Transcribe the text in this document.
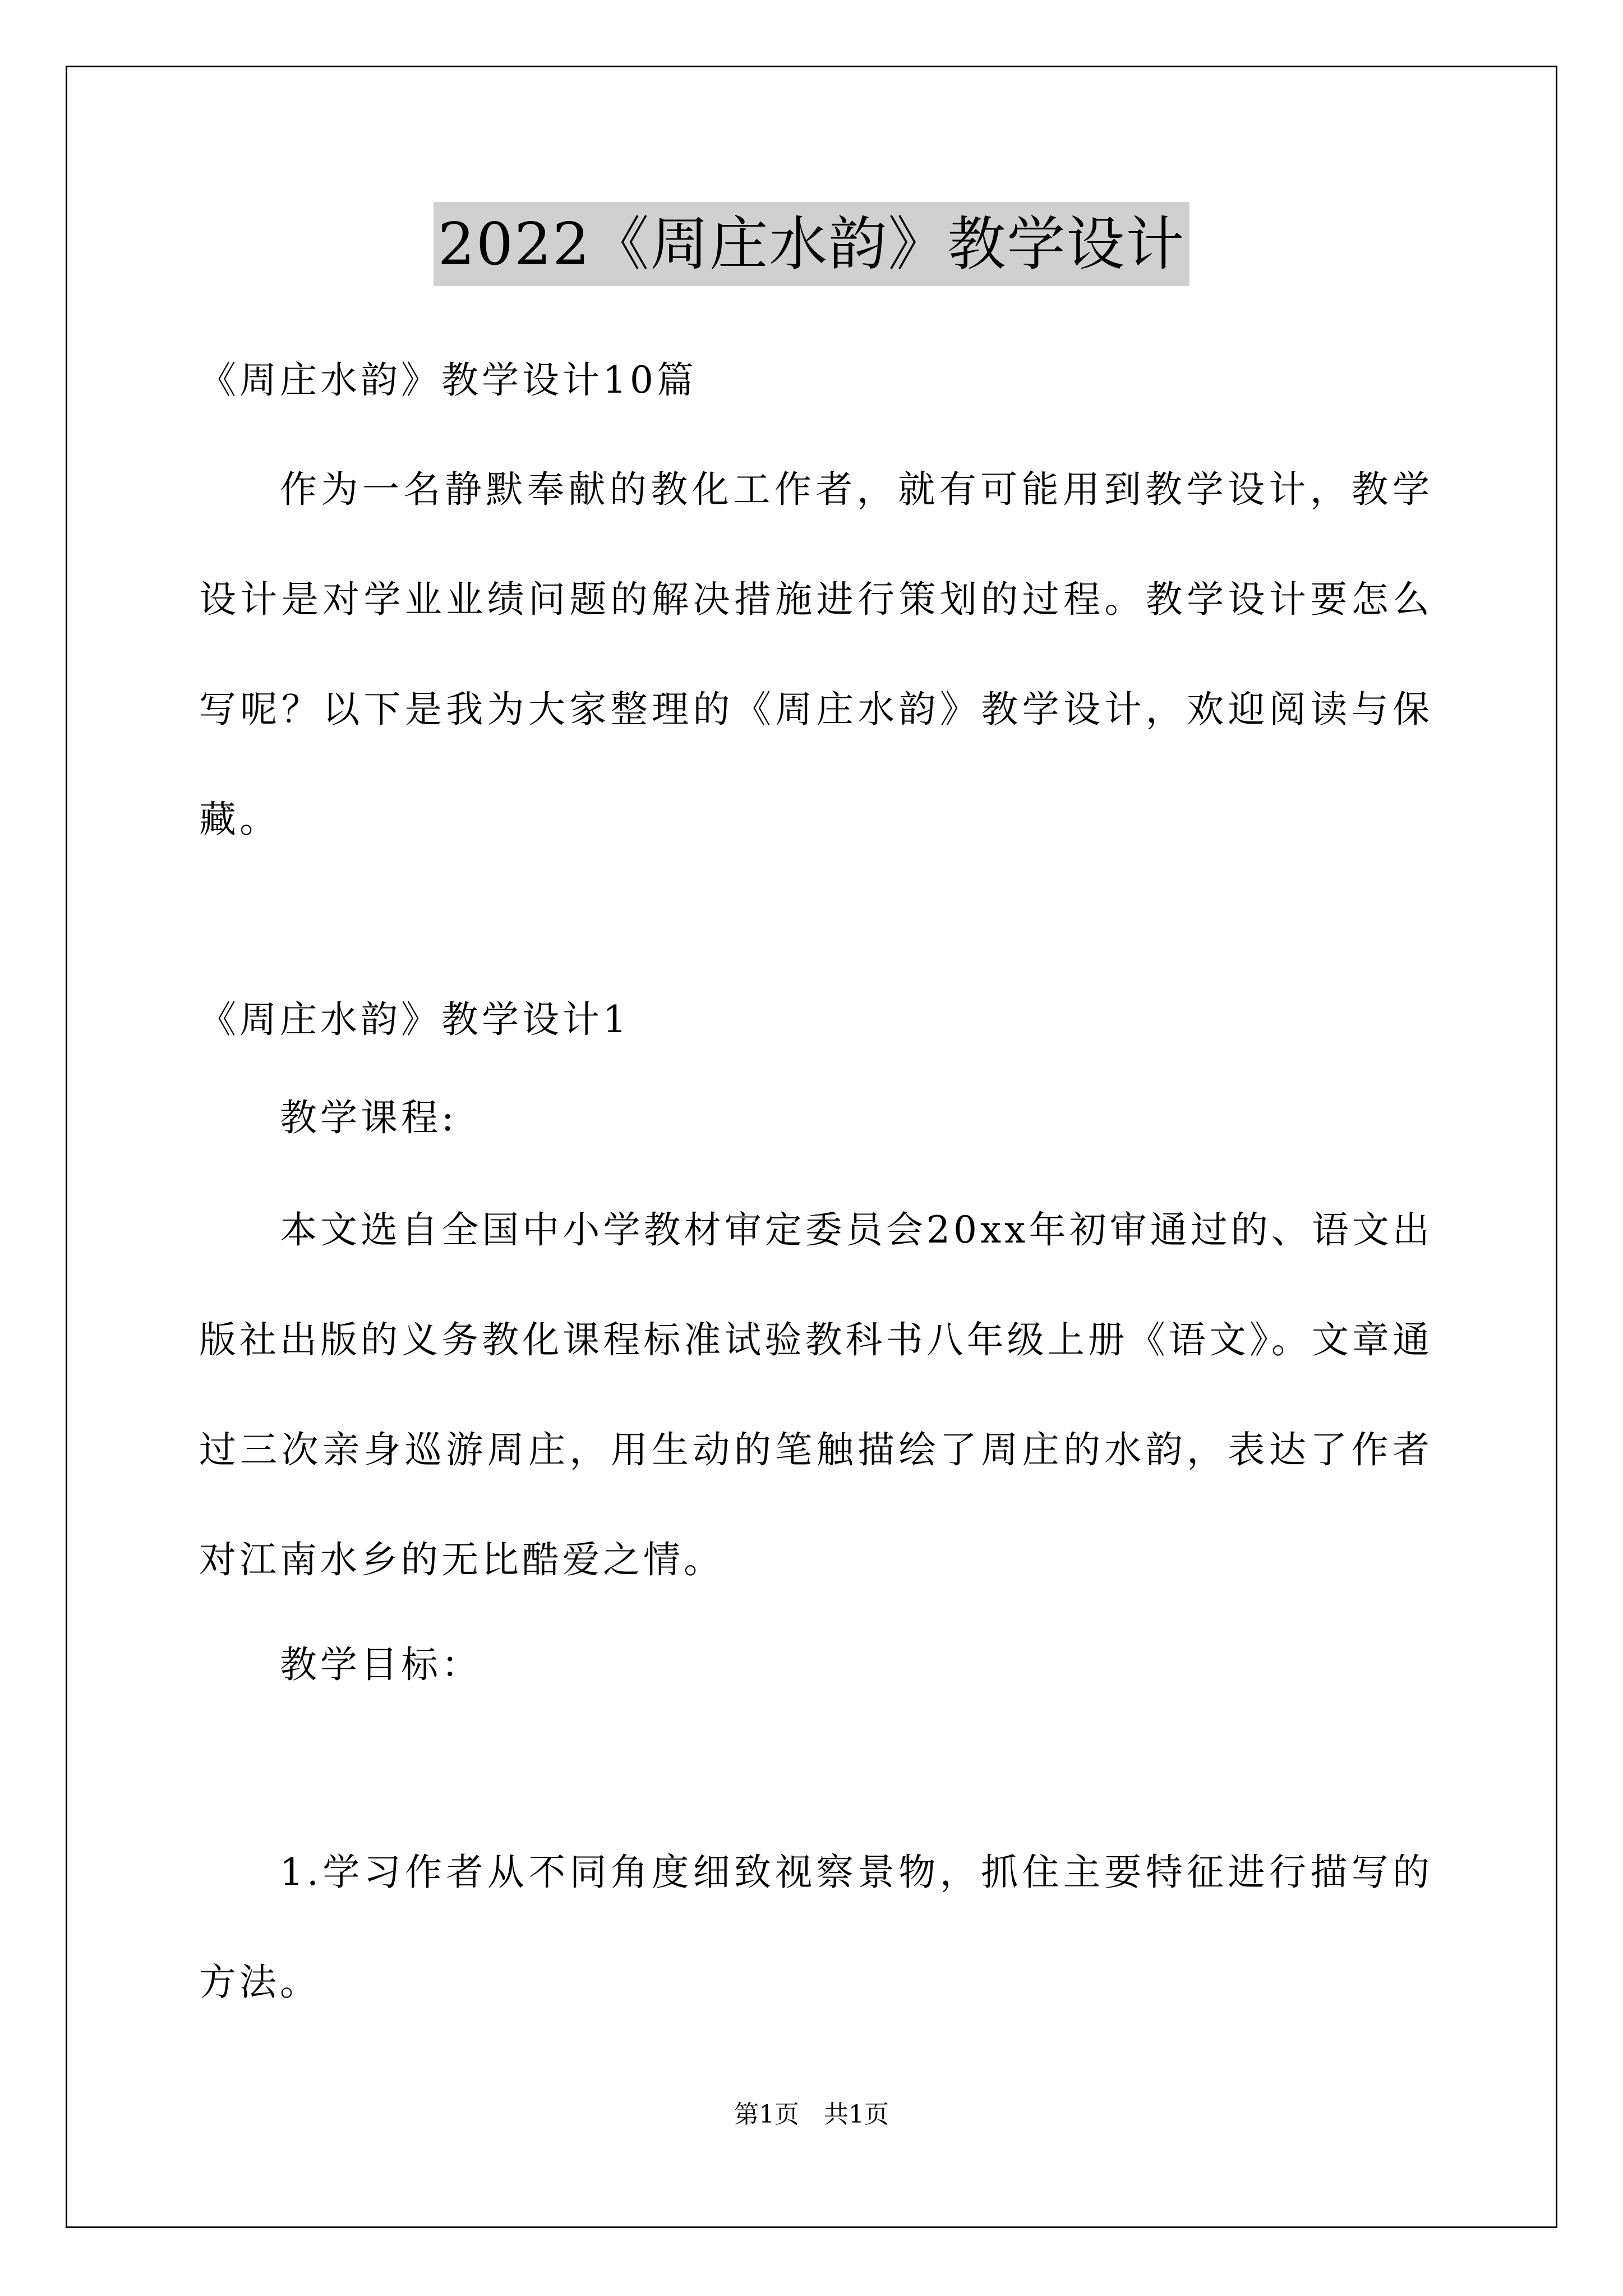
2022《周庄水韵》教学设计

《周庄水韵》教学设计10篇

作为一名静默奉献的教化工作者，就有可能用到教学设计，教学设计是对学业业绩问题的解决措施进行策划的过程。教学设计要怎么写呢？以下是我为大家整理的《周庄水韵》教学设计，欢迎阅读与保藏。

《周庄水韵》教学设计1

教学课程:

本文选自全国中小学教材审定委员会20xx年初审通过的、语文出版社出版的义务教化课程标准试验教科书八年级上册《语文》。文章通过三次亲身巡游周庄，用生动的笔触描绘了周庄的水韵，表达了作者对江南水乡的无比酷爱之情。

教学目标：

1.学习作者从不同角度细致视察景物，抓住主要特征进行描写的方法。

第1页 共1页
